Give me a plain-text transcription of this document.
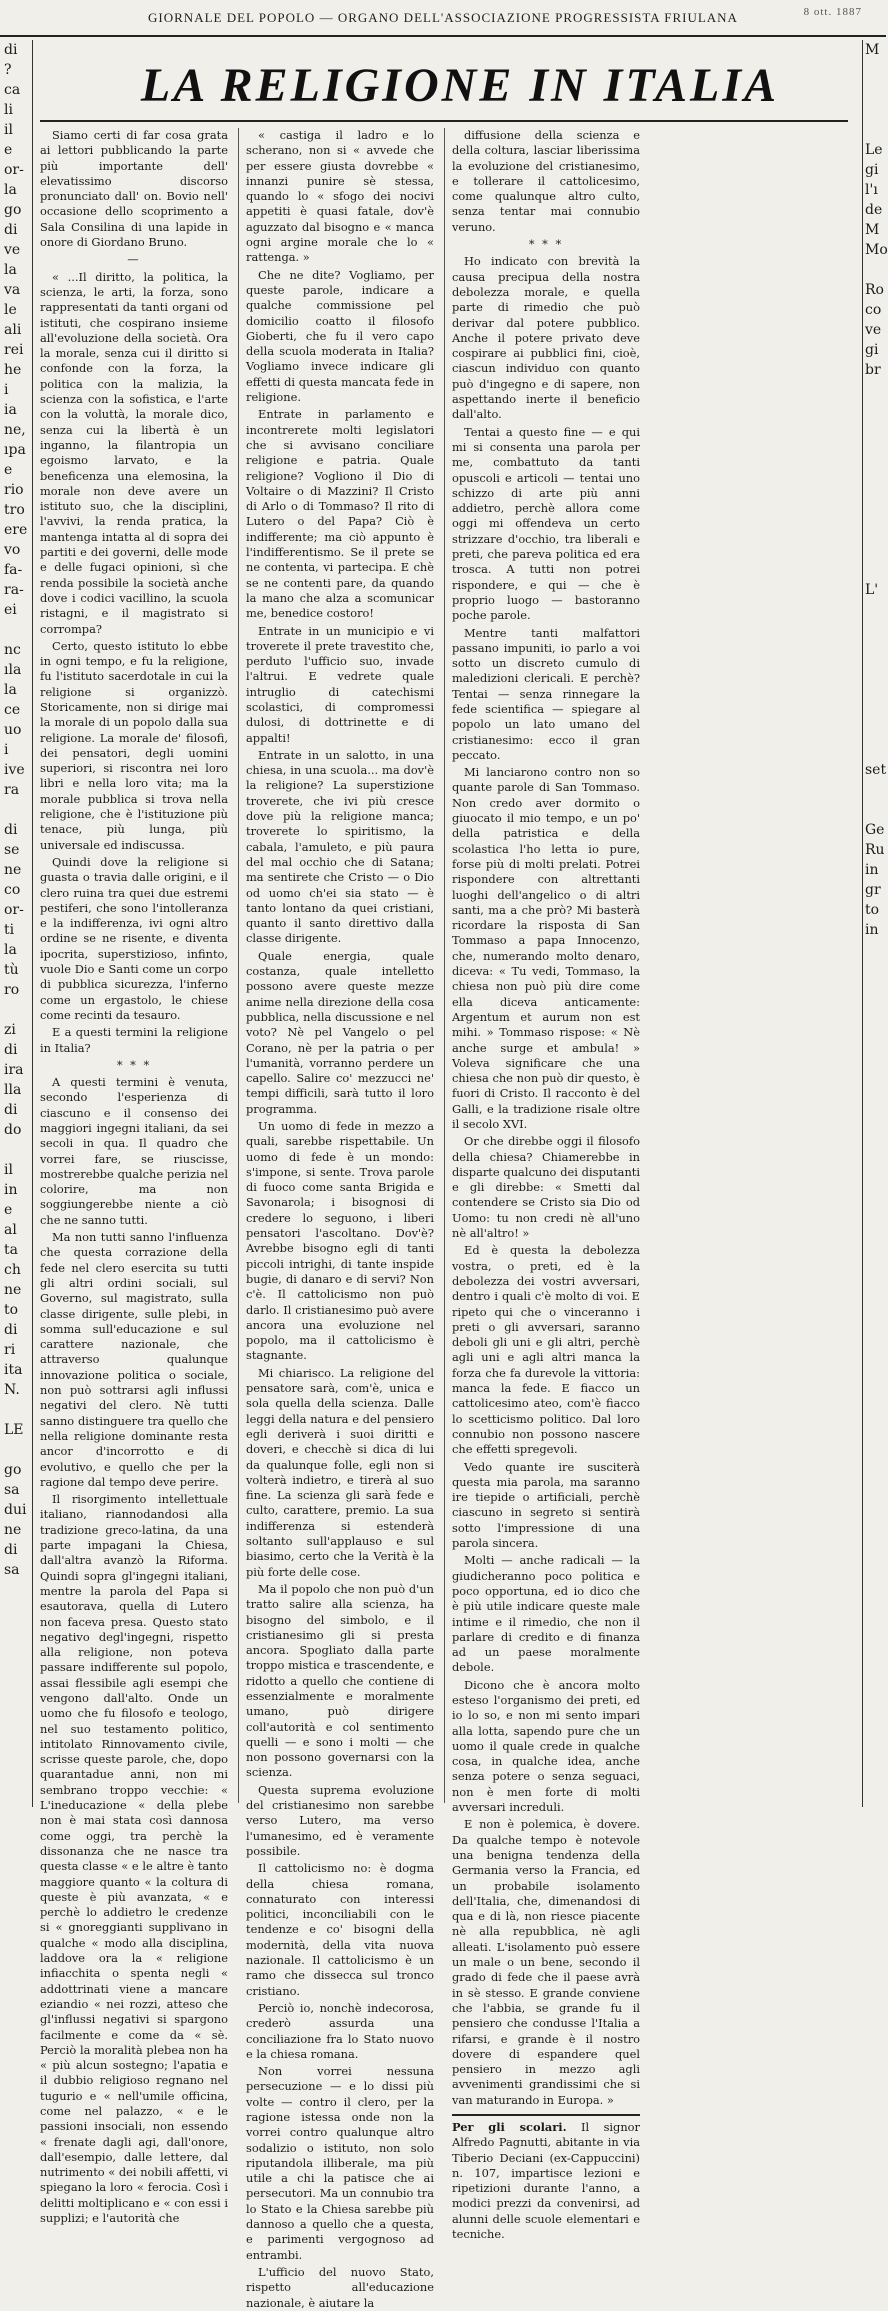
GIORNALE DEL POPOLO — ORGANO DELL'ASSOCIAZIONE PROGRESSISTA FRIULANA	8 ott. 1887
di
?
ca
li
il
e
or-
la
go
di
ve
la
va
le
ali
rei
he
i
ia
ne,
ıpa
e
rio
tro
ere
vo
fa-
ra-
ei

nc
ıla
la
ce
uo
i
ive
ra

di
se
ne
co
or-
ti
la
tù
ro

zi
di
ira
lla
di
do

il
in
e
al
ta
ch
ne
to
di
ri
ita
N.

LE

go
sa
dui
ne
di
sa
M

Le
gi
l'ı
de
M
Mo

Ro
co
ve
gi
br

L'

set

Ge
Ru
in
gr
to
in

LA RELIGIONE IN ITALIA

Siamo certi di far cosa grata ai lettori pubblicando la parte più importante dell' elevatissimo discorso pronunciato dall' on. Bovio nell' occasione dello scoprimento a Sala Consilina di una lapide in onore di Giordano Bruno.

—

« ...Il diritto, la politica, la scienza, le arti, la forza, sono rappresentati da tanti organi od istituti, che cospirano insieme all'evoluzione della società. Ora la morale, senza cui il diritto si confonde con la forza, la politica con la malizia, la scienza con la sofistica, e l'arte con la voluttà, la morale dico, senza cui la libertà è un inganno, la filantropia un egoismo larvato, e la beneficenza una elemosina, la morale non deve avere un istituto suo, che la disciplini, l'avvivi, la renda pratica, la mantenga intatta al di sopra dei partiti e dei governi, delle mode e delle fugaci opinioni, sì che renda possibile la società anche dove i codici vacillino, la scuola ristagni, e il magistrato si corrompa?

Certo, questo istituto lo ebbe in ogni tempo, e fu la religione, fu l'istituto sacerdotale in cui la religione si organizzò. Storicamente, non si dirige mai la morale di un popolo dalla sua religione. La morale de' filosofi, dei pensatori, degli uomini superiori, si riscontra nei loro libri e nella loro vita; ma la morale pubblica si trova nella religione, che è l'istituzione più tenace, più lunga, più universale ed indiscussa.

Quindi dove la religione si guasta o travia dalle origini, e il clero ruina tra quei due estremi pestiferi, che sono l'intolleranza e la indifferenza, ivi ogni altro ordine se ne risente, e diventa ipocrita, superstizioso, infinto, vuole Dio e Santi come un corpo di pubblica sicurezza, l'inferno come un ergastolo, le chiese come recinti da tesauro.

E a questi termini la religione in Italia?

* * *

A questi termini è venuta, secondo l'esperienza di ciascuno e il consenso dei maggiori ingegni italiani, da sei secoli in qua. Il quadro che vorrei fare, se riuscisse, mostrerebbe qualche perizia nel colorire, ma non soggiungerebbe niente a ciò che ne sanno tutti.

Ma non tutti sanno l'influenza che questa corrazione della fede nel clero esercita su tutti gli altri ordini sociali, sul Governo, sul magistrato, sulla classe dirigente, sulle plebi, in somma sull'educazione e sul carattere nazionale, che attraverso qualunque innovazione politica o sociale, non può sottrarsi agli influssi negativi del clero. Nè tutti sanno distinguere tra quello che nella religione dominante resta ancor d'incorrotto e di evolutivo, e quello che per la ragione dal tempo deve perire.

Il risorgimento intellettuale italiano, riannodandosi alla tradizione greco-latina, da una parte impagani la Chiesa, dall'altra avanzò la Riforma. Quindi sopra gl'ingegni italiani, mentre la parola del Papa si esautorava, quella di Lutero non faceva presa. Questo stato negativo degl'ingegni, rispetto alla religione, non poteva passare indifferente sul popolo, assai flessibile agli esempi che vengono dall'alto. Onde un uomo che fu filosofo e teologo, nel suo testamento politico, intitolato Rinnovamento civile, scrisse queste parole, che, dopo quarantadue anni, non mi sembrano troppo vecchie: « L'ineducazione « della plebe non è mai stata così dannosa come oggi, tra perchè la dissonanza che ne nasce tra questa classe « e le altre è tanto maggiore quanto « la coltura di queste è più avanzata, « e perchè lo addietro le credenze si « gnoreggianti supplivano in qualche « modo alla disciplina, laddove ora la « religione infiacchita o spenta negli « addottrinati viene a mancare eziandio « nei rozzi, atteso che gl'influssi negativi si spargono facilmente e come da « sè. Perciò la moralità plebea non ha « più alcun sostegno; l'apatia e il dubbio religioso regnano nel tugurio e « nell'umile officina, come nel palazzo, « e le passioni insociali, non essendo « frenate dagli agi, dall'onore, dall'esempio, dalle lettere, dal nutrimento « dei nobili affetti, vi spiegano la loro « ferocia. Così i delitti moltiplicano e « con essi i supplizi; e l'autorità che

« castiga il ladro e lo scherano, non si « avvede che per essere giusta dovrebbe « innanzi punire sè stessa, quando lo « sfogo dei nocivi appetiti è quasi fatale, dov'è aguzzato dal bisogno e « manca ogni argine morale che lo « rattenga. »

Che ne dite? Vogliamo, per queste parole, indicare a qualche commissione pel domicilio coatto il filosofo Gioberti, che fu il vero capo della scuola moderata in Italia? Vogliamo invece indicare gli effetti di questa mancata fede in religione.

Entrate in parlamento e incontrerete molti legislatori che si avvisano conciliare religione e patria. Quale religione? Vogliono il Dio di Voltaire o di Mazzini? Il Cristo di Arlo o di Tommaso? Il rito di Lutero o del Papa? Ciò è indifferente; ma ciò appunto è l'indifferentismo. Se il prete se ne contenta, vi partecipa. E chè se ne contenti pare, da quando la mano che alza a scomunicar me, benedice costoro!

Entrate in un municipio e vi troverete il prete travestito che, perduto l'ufficio suo, invade l'altrui. E vedrete quale intruglio di catechismi scolastici, di compromessi dulosi, di dottrinette e di appalti!

Entrate in un salotto, in una chiesa, in una scuola... ma dov'è la religione? La superstizione troverete, che ivi più cresce dove più la religione manca; troverete lo spiritismo, la cabala, l'amuleto, e più paura del mal occhio che di Satana; ma sentirete che Cristo — o Dio od uomo ch'ei sia stato — è tanto lontano da quei cristiani, quanto il santo direttivo dalla classe dirigente.

Quale energia, quale costanza, quale intelletto possono avere queste mezze anime nella direzione della cosa pubblica, nella discussione e nel voto? Nè pel Vangelo o pel Corano, nè per la patria o per l'umanità, vorranno perdere un capello. Salire co' mezzucci ne' tempi difficili, sarà tutto il loro programma.

Un uomo di fede in mezzo a quali, sarebbe rispettabile. Un uomo di fede è un mondo: s'impone, si sente. Trova parole di fuoco come santa Brigida e Savonarola; i bisognosi di credere lo seguono, i liberi pensatori l'ascoltano. Dov'è? Avrebbe bisogno egli di tanti piccoli intrighi, di tante inspide bugie, di danaro e di servi? Non c'è. Il cattolicismo non può darlo. Il cristianesimo può avere ancora una evoluzione nel popolo, ma il cattolicismo è stagnante.

Mi chiarisco. La religione del pensatore sarà, com'è, unica e sola quella della scienza. Dalle leggi della natura e del pensiero egli deriverà i suoi diritti e doveri, e checchè si dica di lui da qualunque folle, egli non si volterà indietro, e tirerà al suo fine. La scienza gli sarà fede e culto, carattere, premio. La sua indifferenza si estenderà soltanto sull'applauso e sul biasimo, certo che la Verità è la più forte delle cose.

Ma il popolo che non può d'un tratto salire alla scienza, ha bisogno del simbolo, e il cristianesimo gli si presta ancora. Spogliato dalla parte troppo mistica e trascendente, e ridotto a quello che contiene di essenzialmente e moralmente umano, può dirigere coll'autorità e col sentimento quelli — e sono i molti — che non possono governarsi con la scienza.

Questa suprema evoluzione del cristianesimo non sarebbe verso Lutero, ma verso l'umanesimo, ed è veramente possibile.

Il cattolicismo no: è dogma della chiesa romana, connaturato con interessi politici, inconciliabili con le tendenze e co' bisogni della modernità, della vita nuova nazionale. Il cattolicismo è un ramo che dissecca sul tronco cristiano.

Perciò io, nonchè indecorosa, crederò assurda una conciliazione fra lo Stato nuovo e la chiesa romana.

Non vorrei nessuna persecuzione — e lo dissi più volte — contro il clero, per la ragione istessa onde non la vorrei contro qualunque altro sodalizio o istituto, non solo riputandola illiberale, ma più utile a chi la patisce che ai persecutori. Ma un connubio tra lo Stato e la Chiesa sarebbe più dannoso a quello che a questa, e parimenti vergognoso ad entrambi.

L'ufficio del nuovo Stato, rispetto all'educazione nazionale, è aiutare la

diffusione della scienza e della coltura, lasciar liberissima la evoluzione del cristianesimo, e tollerare il cattolicesimo, come qualunque altro culto, senza tentar mai connubio veruno.

* * *

Ho indicato con brevità la causa precipua della nostra debolezza morale, e quella parte di rimedio che può derivar dal potere pubblico. Anche il potere privato deve cospirare ai pubblici fini, cioè, ciascun individuo con quanto può d'ingegno e di sapere, non aspettando inerte il beneficio dall'alto.

Tentai a questo fine — e qui mi si consenta una parola per me, combattuto da tanti opuscoli e articoli — tentai uno schizzo di arte più anni addietro, perchè allora come oggi mi offendeva un certo strizzare d'occhio, tra liberali e preti, che pareva politica ed era trosca. A tutti non potrei rispondere, e qui — che è proprio luogo — bastoranno poche parole.

Mentre tanti malfattori passano impuniti, io parlo a voi sotto un discreto cumulo di maledizioni clericali. E perchè? Tentai — senza rinnegare la fede scientifica — spiegare al popolo un lato umano del cristianesimo: ecco il gran peccato.

Mi lanciarono contro non so quante parole di San Tommaso. Non credo aver dormito o giuocato il mio tempo, e un po' della patristica e della scolastica l'ho letta io pure, forse più di molti prelati. Potrei rispondere con altrettanti luoghi dell'angelico o di altri santi, ma a che prò? Mi basterà ricordare la risposta di San Tommaso a papa Innocenzo, che, numerando molto denaro, diceva: « Tu vedi, Tommaso, la chiesa non può più dire come ella diceva anticamente: Argentum et aurum non est mihi. » Tommaso rispose: « Nè anche surge et ambula! » Voleva significare che una chiesa che non può dir questo, è fuori di Cristo. Il racconto è del Galli, e la tradizione risale oltre il secolo XVI.

Or che direbbe oggi il filosofo della chiesa? Chiamerebbe in disparte qualcuno dei disputanti e gli direbbe: « Smetti dal contendere se Cristo sia Dio od Uomo: tu non credi nè all'uno nè all'altro! »

Ed è questa la debolezza vostra, o preti, ed è la debolezza dei vostri avversari, dentro i quali c'è molto di voi. E ripeto qui che o vinceranno i preti o gli avversari, saranno deboli gli uni e gli altri, perchè agli uni e agli altri manca la forza che fa durevole la vittoria: manca la fede. E fiacco un cattolicesimo ateo, com'è fiacco lo scetticismo politico. Dal loro connubio non possono nascere che effetti spregevoli.

Vedo quante ire susciterà questa mia parola, ma saranno ire tiepide o artificiali, perchè ciascuno in segreto si sentirà sotto l'impressione di una parola sincera.

Molti — anche radicali — la giudicheranno poco politica e poco opportuna, ed io dico che è più utile indicare queste male intime e il rimedio, che non il parlare di credito e di finanza ad un paese moralmente debole.

Dicono che è ancora molto esteso l'organismo dei preti, ed io lo so, e non mi sento impari alla lotta, sapendo pure che un uomo il quale crede in qualche cosa, in qualche idea, anche senza potere o senza seguaci, non è men forte di molti avversari increduli.

E non è polemica, è dovere. Da qualche tempo è notevole una benigna tendenza della Germania verso la Francia, ed un probabile isolamento dell'Italia, che, dimenandosi di qua e di là, non riesce piacente nè alla repubblica, nè agli alleati. L'isolamento può essere un male o un bene, secondo il grado di fede che il paese avrà in sè stesso. E grande conviene che l'abbia, se grande fu il pensiero che condusse l'Italia a rifarsi, e grande è il nostro dovere di espandere quel pensiero in mezzo agli avvenimenti grandissimi che si van maturando in Europa. »

Per gli scolari. Il signor Alfredo Pagnutti, abitante in via Tiberio Deciani (ex-Cappuccini) n. 107, impartisce lezioni e ripetizioni durante l'anno, a modici prezzi da convenirsi, ad alunni delle scuole elementari e tecniche.
